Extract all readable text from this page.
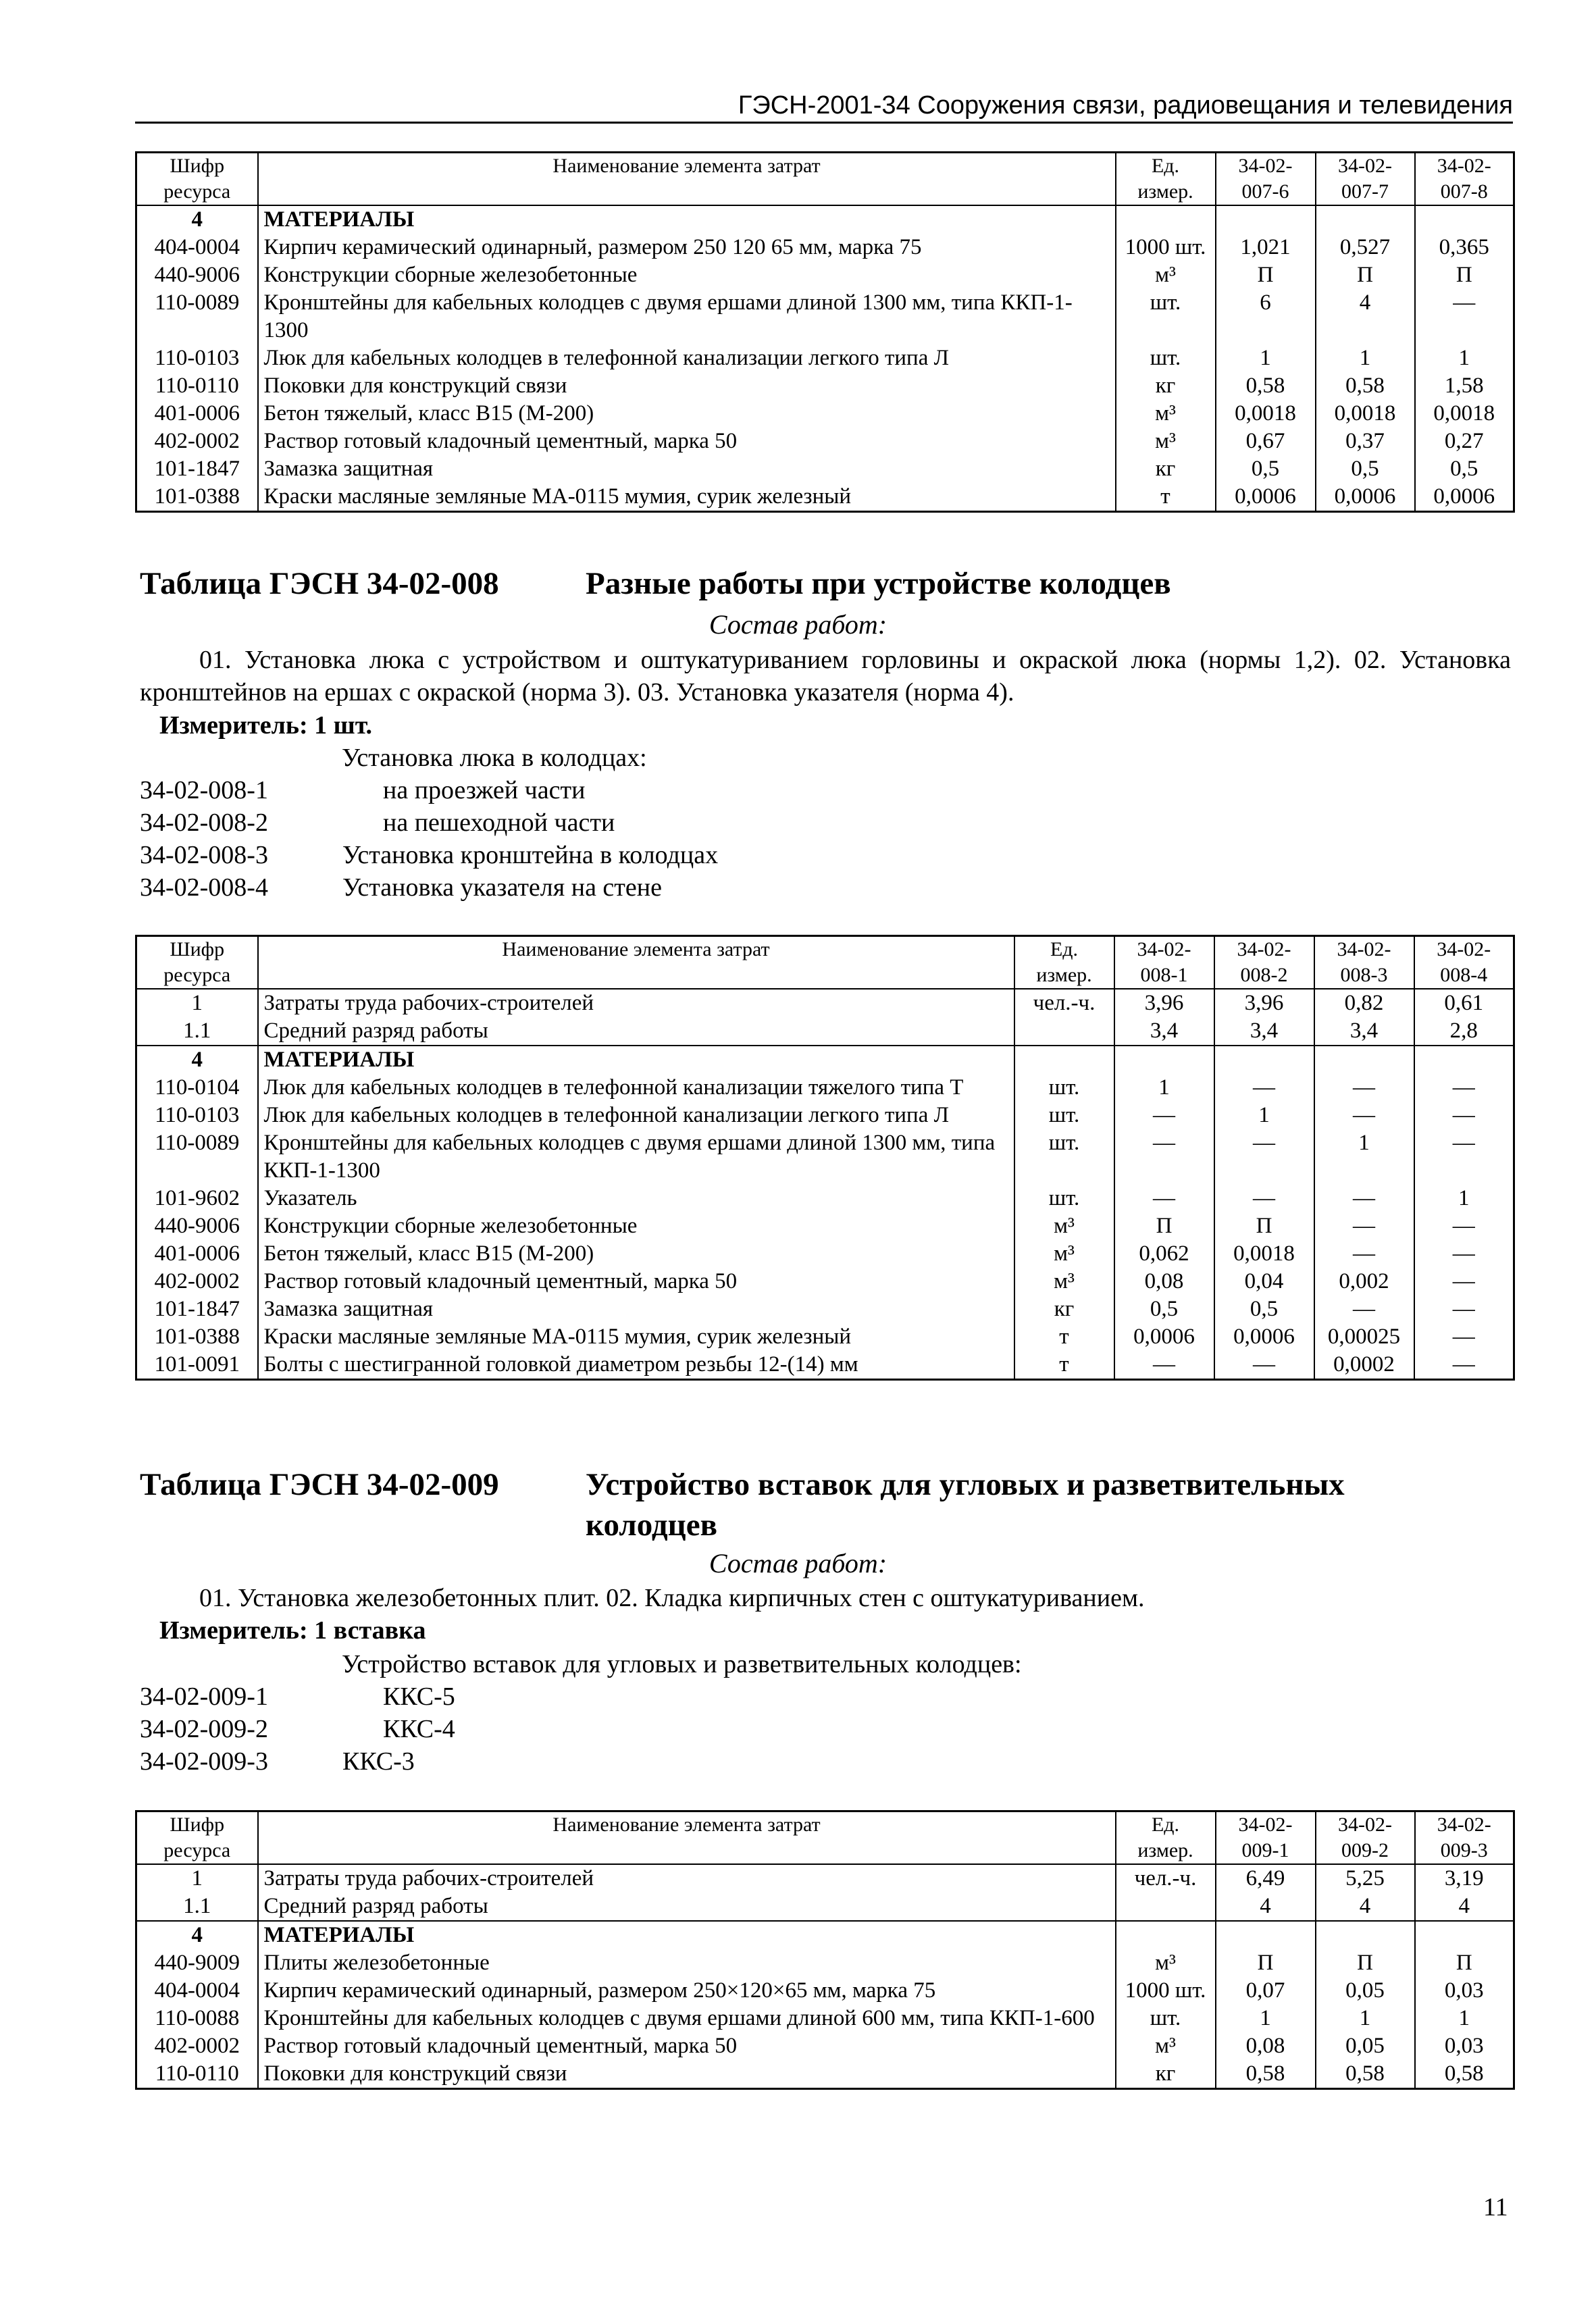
ГЭСН-2001-34 Сооружения связи, радиовещания и телевидения
Шифр ресурса	Наименование элемента затрат	Ед. измер.	34-02- 007-6	34-02- 007-7	34-02- 007-8
4	МАТЕРИАЛЫ				
404-0004	Кирпич керамический одинарный, размером 250 120 65 мм, марка 75	1000 шт.	1,021	0,527	0,365
440-9006	Конструкции сборные железобетонные	м³	П	П	П
110-0089	Кронштейны для кабельных колодцев с двумя ершами длиной 1300 мм, типа ККП-1-1300	шт.	6	4	—
110-0103	Люк для кабельных колодцев в телефонной канализации легкого типа Л	шт.	1	1	1
110-0110	Поковки для конструкций связи	кг	0,58	0,58	1,58
401-0006	Бетон тяжелый, класс В15 (М-200)	м³	0,0018	0,0018	0,0018
402-0002	Раствор готовый кладочный цементный, марка 50	м³	0,67	0,37	0,27
101-1847	Замазка защитная	кг	0,5	0,5	0,5
101-0388	Краски масляные земляные МА-0115 мумия, сурик железный	т	0,0006	0,0006	0,0006
Таблица ГЭСН 34-02-008	Разные работы при устройстве колодцев
Состав работ:
01. Установка люка с устройством и оштукатуриванием горловины и окраской люка (нормы 1,2). 02. Установка кронштейнов на ершах с окраской (норма 3). 03. Установка указателя (норма 4).
Измеритель: 1 шт.
Установка люка в колодцах:
34-02-008-1	на проезжей части
34-02-008-2	на пешеходной части
34-02-008-3	Установка кронштейна в колодцах
34-02-008-4	Установка указателя на стене
Шифр ресурса	Наименование элемента затрат	Ед. измер.	34-02- 008-1	34-02- 008-2	34-02- 008-3	34-02- 008-4
1	Затраты труда рабочих-строителей	чел.-ч.	3,96	3,96	0,82	0,61
1.1	Средний разряд работы		3,4	3,4	3,4	2,8
4	МАТЕРИАЛЫ					
110-0104	Люк для кабельных колодцев в телефонной канализации тяжелого типа Т	шт.	1	—	—	—
110-0103	Люк для кабельных колодцев в телефонной канализации легкого типа Л	шт.	—	1	—	—
110-0089	Кронштейны для кабельных колодцев с двумя ершами длиной 1300 мм, типа ККП-1-1300	шт.	—	—	1	—
101-9602	Указатель	шт.	—	—	—	1
440-9006	Конструкции сборные железобетонные	м³	П	П	—	—
401-0006	Бетон тяжелый, класс В15 (М-200)	м³	0,062	0,0018	—	—
402-0002	Раствор готовый кладочный цементный, марка 50	м³	0,08	0,04	0,002	—
101-1847	Замазка защитная	кг	0,5	0,5	—	—
101-0388	Краски масляные земляные МА-0115 мумия, сурик железный	т	0,0006	0,0006	0,00025	—
101-0091	Болты с шестигранной головкой диаметром резьбы 12-(14) мм	т	—	—	0,0002	—
Таблица ГЭСН 34-02-009	Устройство вставок для угловых и разветвительных колодцев
Состав работ:
01. Установка железобетонных плит. 02. Кладка кирпичных стен с оштукатуриванием.
Измеритель: 1 вставка
Устройство вставок для угловых и разветвительных колодцев:
34-02-009-1	ККС-5
34-02-009-2	ККС-4
34-02-009-3	ККС-3
Шифр ресурса	Наименование элемента затрат	Ед. измер.	34-02- 009-1	34-02- 009-2	34-02- 009-3
1	Затраты труда рабочих-строителей	чел.-ч.	6,49	5,25	3,19
1.1	Средний разряд работы		4	4	4
4	МАТЕРИАЛЫ				
440-9009	Плиты железобетонные	м³	П	П	П
404-0004	Кирпич керамический одинарный, размером 250×120×65 мм, марка 75	1000 шт.	0,07	0,05	0,03
110-0088	Кронштейны для кабельных колодцев с двумя ершами длиной 600 мм, типа ККП-1-600	шт.	1	1	1
402-0002	Раствор готовый кладочный цементный, марка 50	м³	0,08	0,05	0,03
110-0110	Поковки для конструкций связи	кг	0,58	0,58	0,58
11
